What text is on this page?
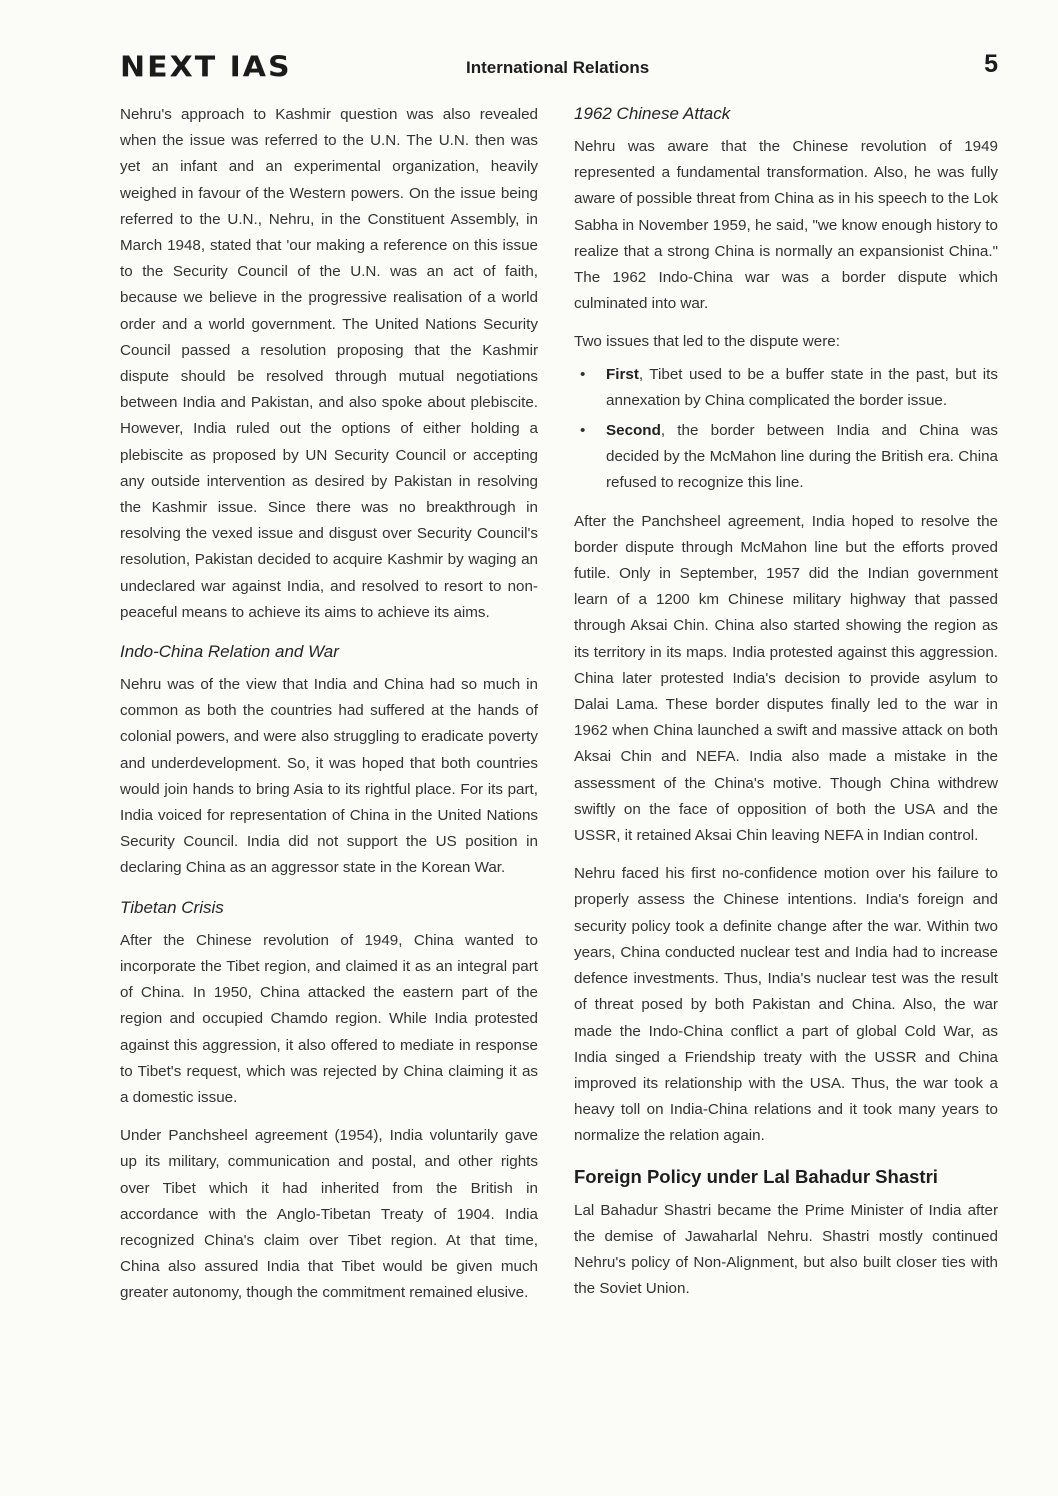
NEXT IAS	International Relations	5

Nehru's approach to Kashmir question was also revealed when the issue was referred to the U.N. The U.N. then was yet an infant and an experimental organization, heavily weighed in favour of the Western powers. On the issue being referred to the U.N., Nehru, in the Constituent Assembly, in March 1948, stated that 'our making a reference on this issue to the Security Council of the U.N. was an act of faith, because we believe in the progressive realisation of a world order and a world government. The United Nations Security Council passed a resolution proposing that the Kashmir dispute should be resolved through mutual negotiations between India and Pakistan, and also spoke about plebiscite. However, India ruled out the options of either holding a plebiscite as proposed by UN Security Council or accepting any outside intervention as desired by Pakistan in resolving the Kashmir issue. Since there was no breakthrough in resolving the vexed issue and disgust over Security Council's resolution, Pakistan decided to acquire Kashmir by waging an undeclared war against India, and resolved to resort to non-peaceful means to achieve its aims to achieve its aims.

Indo-China Relation and War

Nehru was of the view that India and China had so much in common as both the countries had suffered at the hands of colonial powers, and were also struggling to eradicate poverty and underdevelopment. So, it was hoped that both countries would join hands to bring Asia to its rightful place. For its part, India voiced for representation of China in the United Nations Security Council. India did not support the US position in declaring China as an aggressor state in the Korean War.

Tibetan Crisis

After the Chinese revolution of 1949, China wanted to incorporate the Tibet region, and claimed it as an integral part of China. In 1950, China attacked the eastern part of the region and occupied Chamdo region. While India protested against this aggression, it also offered to mediate in response to Tibet's request, which was rejected by China claiming it as a domestic issue.

Under Panchsheel agreement (1954), India voluntarily gave up its military, communication and postal, and other rights over Tibet which it had inherited from the British in accordance with the Anglo-Tibetan Treaty of 1904. India recognized China's claim over Tibet region. At that time, China also assured India that Tibet would be given much greater autonomy, though the commitment remained elusive.

1962 Chinese Attack

Nehru was aware that the Chinese revolution of 1949 represented a fundamental transformation. Also, he was fully aware of possible threat from China as in his speech to the Lok Sabha in November 1959, he said, "we know enough history to realize that a strong China is normally an expansionist China." The 1962 Indo-China war was a border dispute which culminated into war.

Two issues that led to the dispute were:

• First, Tibet used to be a buffer state in the past, but its annexation by China complicated the border issue.
• Second, the border between India and China was decided by the McMahon line during the British era. China refused to recognize this line.

After the Panchsheel agreement, India hoped to resolve the border dispute through McMahon line but the efforts proved futile. Only in September, 1957 did the Indian government learn of a 1200 km Chinese military highway that passed through Aksai Chin. China also started showing the region as its territory in its maps. India protested against this aggression. China later protested India's decision to provide asylum to Dalai Lama. These border disputes finally led to the war in 1962 when China launched a swift and massive attack on both Aksai Chin and NEFA. India also made a mistake in the assessment of the China's motive. Though China withdrew swiftly on the face of opposition of both the USA and the USSR, it retained Aksai Chin leaving NEFA in Indian control.

Nehru faced his first no-confidence motion over his failure to properly assess the Chinese intentions. India's foreign and security policy took a definite change after the war. Within two years, China conducted nuclear test and India had to increase defence investments. Thus, India's nuclear test was the result of threat posed by both Pakistan and China. Also, the war made the Indo-China conflict a part of global Cold War, as India singed a Friendship treaty with the USSR and China improved its relationship with the USA. Thus, the war took a heavy toll on India-China relations and it took many years to normalize the relation again.

Foreign Policy under Lal Bahadur Shastri

Lal Bahadur Shastri became the Prime Minister of India after the demise of Jawaharlal Nehru. Shastri mostly continued Nehru's policy of Non-Alignment, but also built closer ties with the Soviet Union.
